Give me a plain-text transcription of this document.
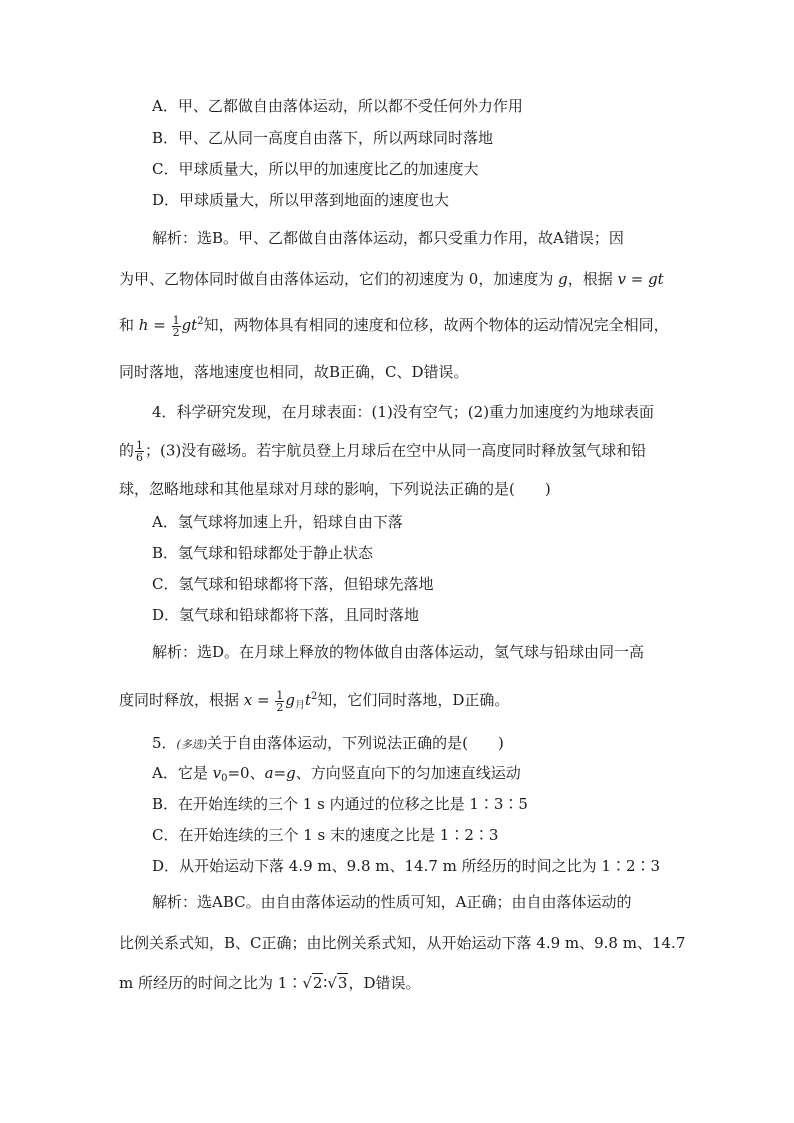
A．甲、乙都做自由落体运动，所以都不受任何外力作用
B．甲、乙从同一高度自由落下，所以两球同时落地
C．甲球质量大，所以甲的加速度比乙的加速度大
D．甲球质量大，所以甲落到地面的速度也大
解析：选B。甲、乙都做自由落体运动，都只受重力作用，故A错误；因
为甲、乙物体同时做自由落体运动，它们的初速度为 0，加速度为 g，根据 v = gt
和 $h = \frac{1}{2} gt^2$知，两物体具有相同的速度和位移，故两个物体的运动情况完全相同，
同时落地，落地速度也相同，故B正确，C、D错误。
4．科学研究发现，在月球表面：(1)没有空气；(2)重力加速度约为地球表面
的 $\frac{1}{6}$ ；(3)没有磁场。若宇航员登上月球后在空中从同一高度同时释放氢气球和铅
球，忽略地球和其他星球对月球的影响，下列说法正确的是(　　)
A．氢气球将加速上升，铅球自由下落
B．氢气球和铅球都处于静止状态
C．氢气球和铅球都将下落，但铅球先落地
D．氢气球和铅球都将下落，且同时落地
解析：选D。在月球上释放的物体做自由落体运动，氢气球与铅球由同一高
度同时释放，根据 $x = \frac{1}{2} g_月t^2$知，它们同时落地，D正确。
5．(多选)关于自由落体运动，下列说法正确的是(　　)
A．它是 $v_0=0$、a=g、方向竖直向下的匀加速直线运动
B．在开始连续的三个 1 s 内通过的位移之比是 1∶3∶5
C．在开始连续的三个 1 s 末的速度之比是 1∶2∶3
D．从开始运动下落 4.9 m、9.8 m、14.7 m 所经历的时间之比为 1∶2∶3
解析：选ABC。由自由落体运动的性质可知，A正确；由自由落体运动的
比例关系式知，B、C正确；由比例关系式知，从开始运动下落 4.9 m、9.8 m、14.7
m 所经历的时间之比为 1∶√2∶√3，D错误。
